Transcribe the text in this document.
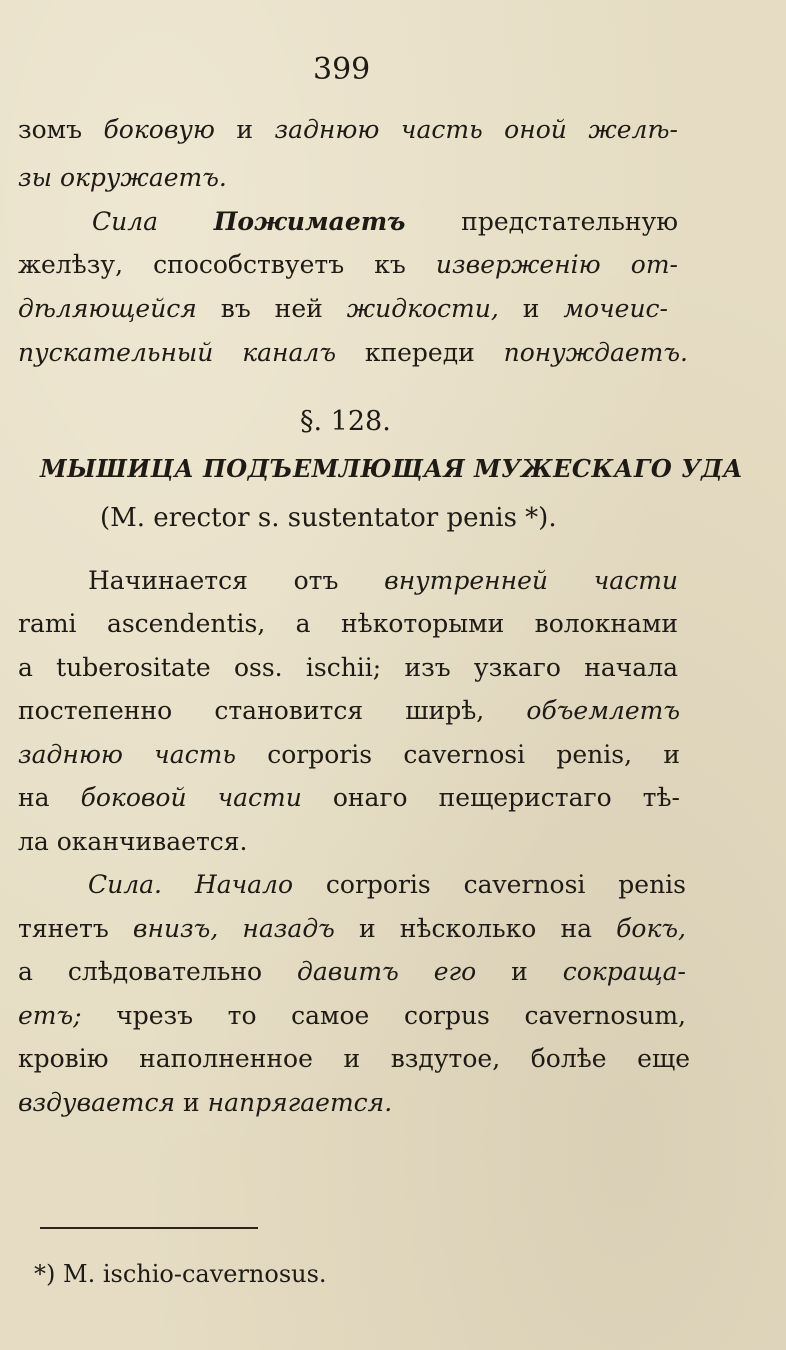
399
зомъ боковую и заднюю часть оной желѣ-
зы окружаетъ.
Сила Пожимаетъ предстательную
желѣзу, способствуетъ къ изверженію от-
дѣляющейся въ ней жидкости, и мочеис-
пускательный каналъ кпереди понуждаетъ.
§. 128.
МЫШИЦА ПОДЪЕМЛЮЩАЯ МУЖЕСКАГО УДА
(M. erector s. sustentator penis *).
Начинается отъ внутренней части
rami ascendentis, а нѣкоторыми волокнами
a tuberositate oss. ischii; изъ узкаго начала
постепенно становится ширѣ, объемлетъ
заднюю часть corporis cavernosi penis, и
на боковой части онаго пещеристаго тѣ-
ла оканчивается.
Сила. Начало corporis cavernosi penis
тянетъ внизъ, назадъ и нѣсколько на бокъ,
а слѣдовательно давитъ его и сокраща-
етъ; чрезъ то самое corpus cavernosum,
кровію наполненное и вздутое, болѣе еще
вздувается и напрягается.
*) M. ischio-cavernosus.
